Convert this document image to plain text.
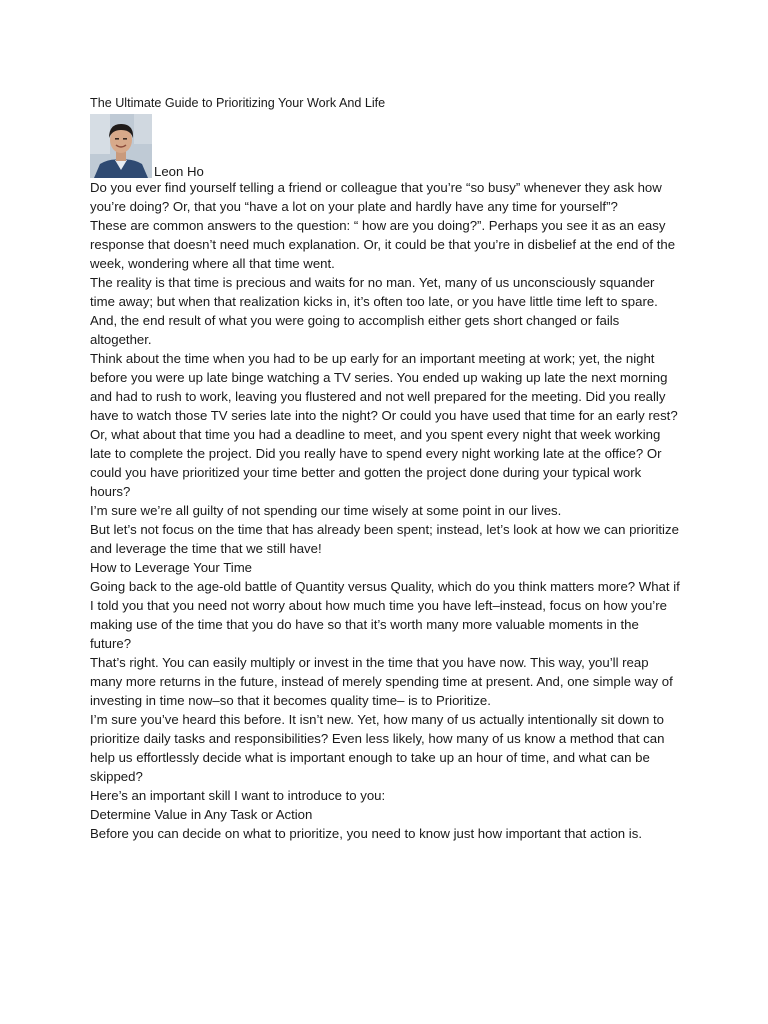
The Ultimate Guide to Prioritizing Your Work And Life
Leon Ho

Do you ever find yourself telling a friend or colleague that you’re “so busy” whenever they ask how you’re doing? Or, that you “have a lot on your plate and hardly have any time for yourself”?

These are common answers to the question: “ how are you doing?”. Perhaps you see it as an easy response that doesn’t need much explanation. Or, it could be that you’re in disbelief at the end of the week, wondering where all that time went.

The reality is that time is precious and waits for no man. Yet, many of us unconsciously squander time away; but when that realization kicks in, it’s often too late, or you have little time left to spare. And, the end result of what you were going to accomplish either gets short changed or fails altogether.

Think about the time when you had to be up early for an important meeting at work; yet, the night before you were up late binge watching a TV series. You ended up waking up late the next morning and had to rush to work, leaving you flustered and not well prepared for the meeting. Did you really have to watch those TV series late into the night? Or could you have used that time for an early rest?

Or, what about that time you had a deadline to meet, and you spent every night that week working late to complete the project. Did you really have to spend every night working late at the office? Or could you have prioritized your time better and gotten the project done during your typical work hours?

I’m sure we’re all guilty of not spending our time wisely at some point in our lives.

But let’s not focus on the time that has already been spent; instead, let’s look at how we can prioritize and leverage the time that we still have!

How to Leverage Your Time

Going back to the age-old battle of Quantity versus Quality, which do you think matters more? What if I told you that you need not worry about how much time you have left–instead, focus on how you’re making use of the time that you do have so that it’s worth many more valuable moments in the future?

That’s right. You can easily multiply or invest in the time that you have now. This way, you’ll reap many more returns in the future, instead of merely spending time at present. And, one simple way of investing in time now–so that it becomes quality time– is to Prioritize.

I’m sure you’ve heard this before. It isn’t new. Yet, how many of us actually intentionally sit down to prioritize daily tasks and responsibilities? Even less likely, how many of us know a method that can help us effortlessly decide what is important enough to take up an hour of time, and what can be skipped?

Here’s an important skill I want to introduce to you:

Determine Value in Any Task or Action

Before you can decide on what to prioritize, you need to know just how important that action is.
